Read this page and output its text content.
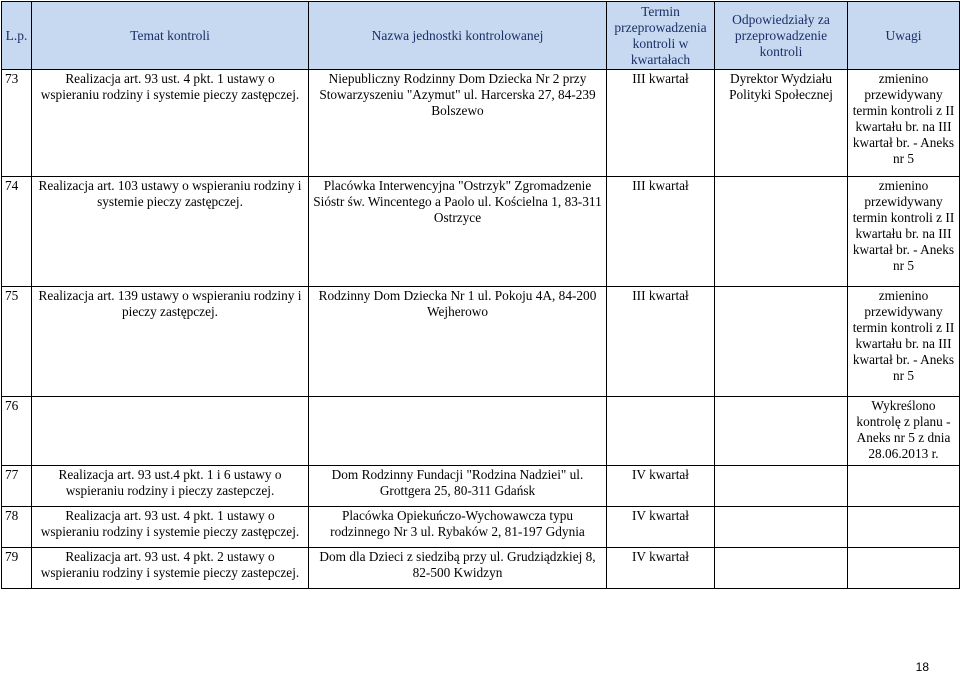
L.p.	Temat kontroli	Nazwa jednostki kontrolowanej	Termin przeprowadzenia kontroli w kwartałach	Odpowiedziały za przeprowadzenie kontroli	Uwagi
73	Realizacja art. 93 ust. 4 pkt. 1 ustawy o wspieraniu rodziny i systemie pieczy zastępczej.	Niepubliczny Rodzinny Dom Dziecka Nr 2 przy Stowarzyszeniu "Azymut" ul. Harcerska 27, 84-239 Bolszewo	III kwartał	Dyrektor Wydziału Polityki Społecznej	zmienino przewidywany termin kontroli z II kwartału br. na III kwartał br. - Aneks nr 5
74	Realizacja art. 103 ustawy o wspieraniu rodziny i systemie pieczy zastępczej.	Placówka Interwencyjna "Ostrzyk" Zgromadzenie Sióstr św. Wincentego a Paolo ul. Kościelna 1, 83-311 Ostrzyce	III kwartał		zmienino przewidywany termin kontroli z II kwartału br. na III kwartał br. - Aneks nr 5
75	Realizacja art. 139 ustawy o wspieraniu rodziny i pieczy zastępczej.	Rodzinny Dom Dziecka Nr 1 ul. Pokoju 4A, 84-200 Wejherowo	III kwartał		zmienino przewidywany termin kontroli z II kwartału br. na III kwartał br. - Aneks nr 5
76					Wykreślono kontrolę z planu - Aneks nr 5 z dnia 28.06.2013 r.
77	Realizacja art. 93 ust.4 pkt. 1 i 6 ustawy o wspieraniu rodziny i pieczy zastepczej.	Dom Rodzinny Fundacji "Rodzina Nadziei" ul. Grottgera 25, 80-311 Gdańsk	IV kwartał		
78	Realizacja art. 93 ust. 4 pkt. 1 ustawy o wspieraniu rodziny i systemie pieczy zastępczej.	Placówka Opiekuńczo-Wychowawcza typu rodzinnego Nr 3 ul. Rybaków 2, 81-197 Gdynia	IV kwartał		
79	Realizacja art. 93 ust. 4 pkt. 2 ustawy o wspieraniu rodziny i systemie pieczy zastepczej.	Dom dla Dzieci z siedzibą przy ul. Grudziądzkiej 8, 82-500 Kwidzyn	IV kwartał		
18
